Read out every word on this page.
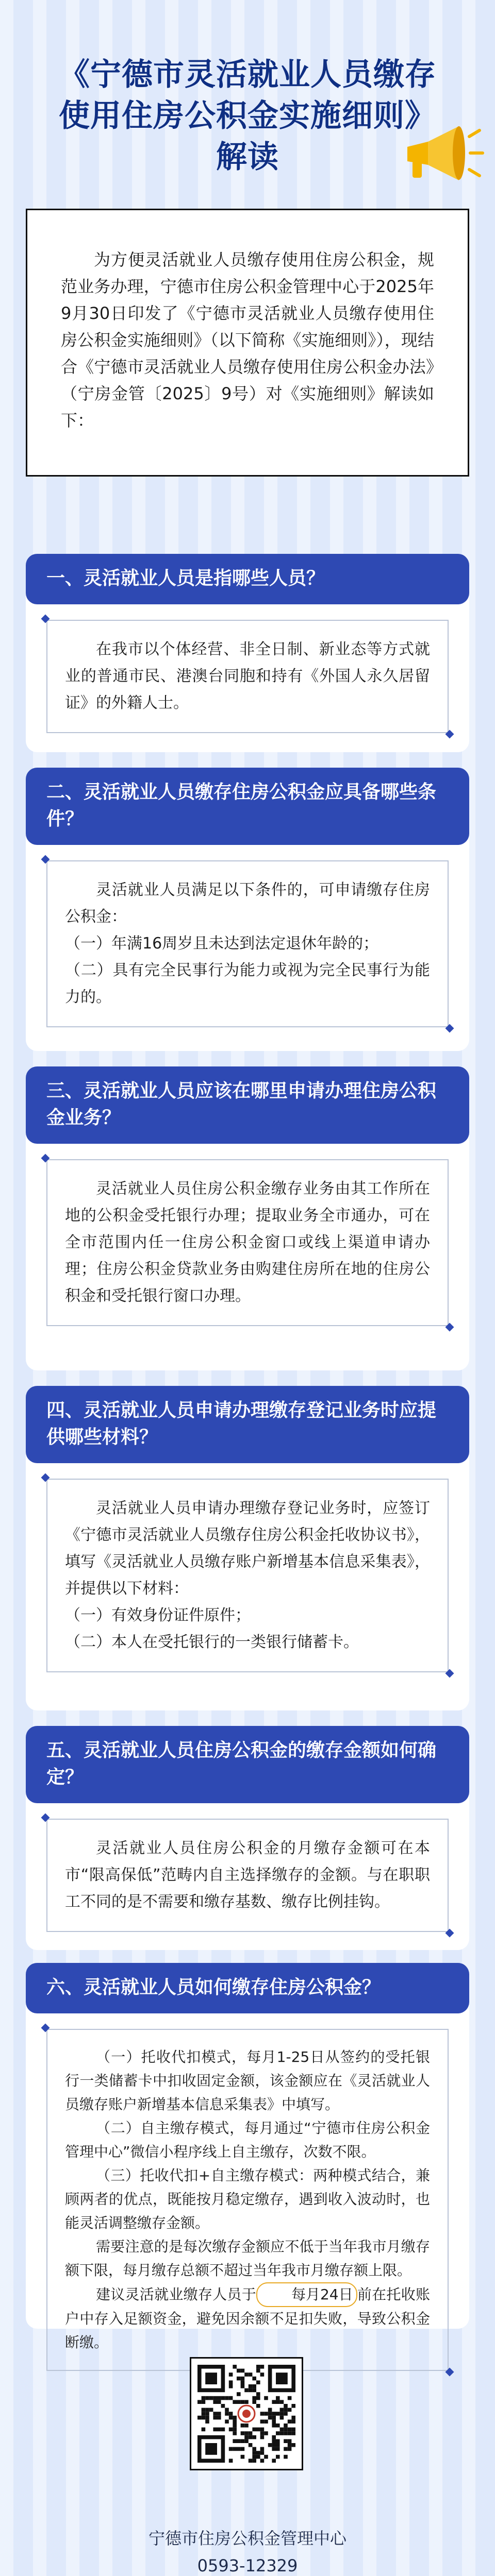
《宁德市灵活就业人员缴存
使用住房公积金实施细则》
解读

为方便灵活就业人员缴存使用住房公积金，规范业务办理，宁德市住房公积金管理中心于2025年9月30日印发了《宁德市灵活就业人员缴存使用住房公积金实施细则》（以下简称《实施细则》），现结合《宁德市灵活就业人员缴存使用住房公积金办法》（宁房金管〔2025〕9号）对《实施细则》解读如下：

一、灵活就业人员是指哪些人员？

在我市以个体经营、非全日制、新业态等方式就业的普通市民、港澳台同胞和持有《外国人永久居留证》的外籍人士。

二、灵活就业人员缴存住房公积金应具备哪些条件？

灵活就业人员满足以下条件的，可申请缴存住房公积金：

（一）年满16周岁且未达到法定退休年龄的；

（二）具有完全民事行为能力或视为完全民事行为能力的。

三、灵活就业人员应该在哪里申请办理住房公积金业务？

灵活就业人员住房公积金缴存业务由其工作所在地的公积金受托银行办理；提取业务全市通办，可在全市范围内任一住房公积金窗口或线上渠道申请办理；住房公积金贷款业务由购建住房所在地的住房公积金和受托银行窗口办理。

四、灵活就业人员申请办理缴存登记业务时应提供哪些材料？

灵活就业人员申请办理缴存登记业务时，应签订《宁德市灵活就业人员缴存住房公积金托收协议书》，填写《灵活就业人员缴存账户新增基本信息采集表》，并提供以下材料：

（一）有效身份证件原件；

（二）本人在受托银行的一类银行储蓄卡。

五、灵活就业人员住房公积金的缴存金额如何确定？

灵活就业人员住房公积金的月缴存金额可在本市“限高保低”范畴内自主选择缴存的金额。与在职职工不同的是不需要和缴存基数、缴存比例挂钩。

六、灵活就业人员如何缴存住房公积金？

（一）托收代扣模式，每月1-25日从签约的受托银行一类储蓄卡中扣收固定金额，该金额应在《灵活就业人员缴存账户新增基本信息采集表》中填写。

（二）自主缴存模式，每月通过“宁德市住房公积金管理中心”微信小程序线上自主缴存，次数不限。

（三）托收代扣+自主缴存模式：两种模式结合，兼顾两者的优点，既能按月稳定缴存，遇到收入波动时，也能灵活调整缴存金额。

需要注意的是每次缴存金额应不低于当年我市月缴存额下限，每月缴存总额不超过当年我市月缴存额上限。

建议灵活就业缴存人员于 每月24日 前在托收账户中存入足额资金，避免因余额不足扣失败，导致公积金断缴。

宁德市住房公积金管理中心
0593-12329
